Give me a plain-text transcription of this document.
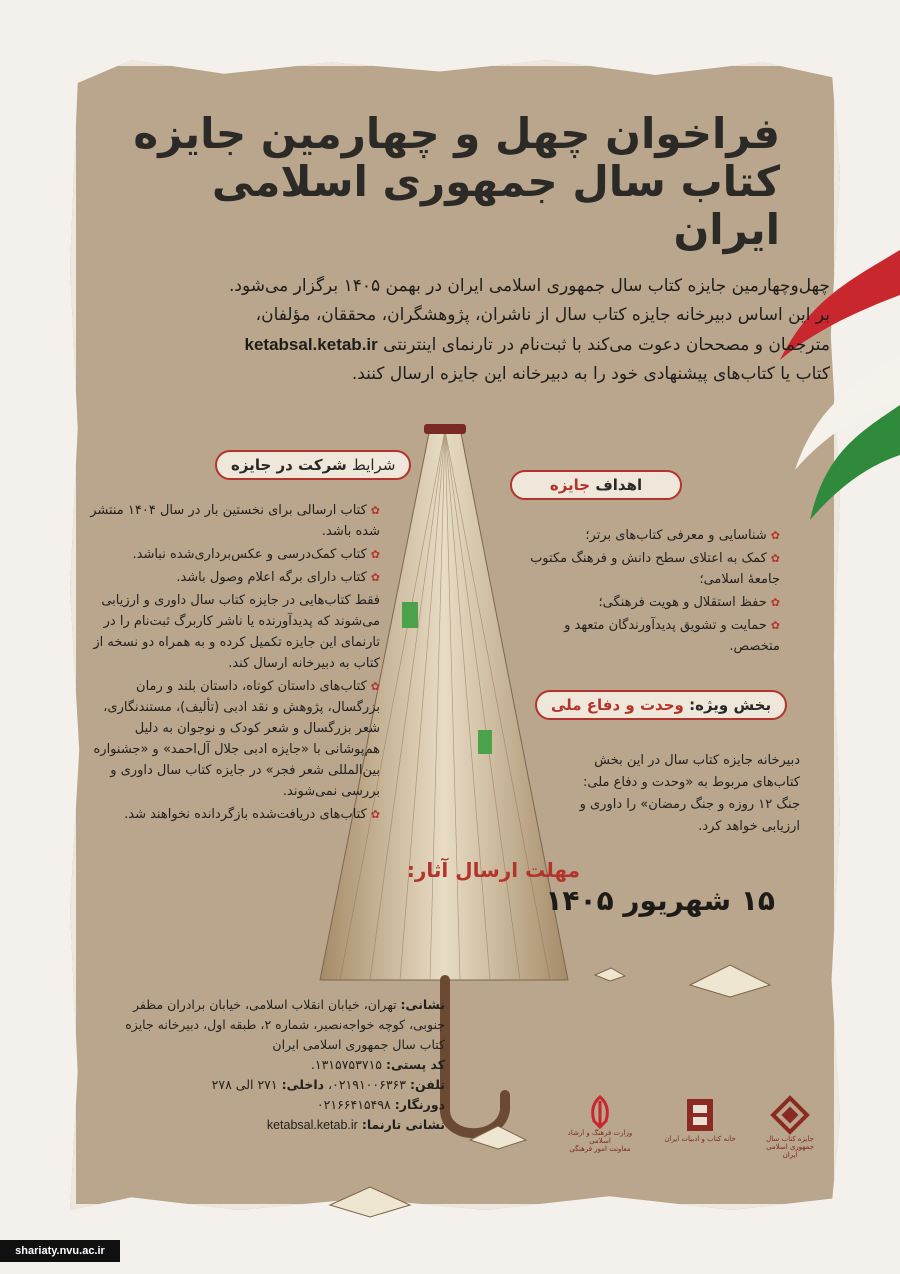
فراخوان چهل و چهارمین جایزه
کتاب سال جمهوری اسلامی ایران
چهل‌وچهارمین جایزه کتاب سال جمهوری اسلامی ایران در بهمن ۱۴۰۵ برگزار می‌شود.
بر این اساس دبیرخانه جایزه کتاب سال از ناشران، پژوهشگران، محققان، مؤلفان،
مترجمان و مصححان دعوت می‌کند با ثبت‌نام در تارنمای اینترنتی ketabsal.ketab.ir
کتاب یا کتاب‌های پیشنهادی خود را به دبیرخانه این جایزه ارسال کنند.
شرایط شرکت در جایزه
✿کتاب ارسالی برای نخستین بار در سال ۱۴۰۴ منتشر شده باشد.
✿کتاب کمک‌درسی و عکس‌برداری‌شده نباشد.
✿کتاب دارای برگه اعلام وصول باشد.
فقط کتاب‌هایی در جایزه کتاب سال داوری و ارزیابی می‌شوند که پدیدآورنده یا ناشر کاربرگ ثبت‌نام را در تارنمای این جایزه تکمیل کرده و به همراه دو نسخه از کتاب به دبیرخانه ارسال کند.
✿کتاب‌های داستان کوتاه، داستان بلند و رمان بزرگسال، پژوهش و نقد ادبی (تألیف)، مستندنگاری، شعر بزرگسال و شعر کودک و نوجوان به دلیل هم‌پوشانی با «جایزه ادبی جلال آل‌احمد» و «جشنواره بین‌المللی شعر فجر» در جایزه کتاب سال داوری و بررسی نمی‌شوند.
✿کتاب‌های دریافت‌شده بازگردانده نخواهند شد.
اهداف جایزه
✿شناسایی و معرفی کتاب‌های برتر؛
✿کمک به اعتلای سطح دانش و فرهنگ مکتوب جامعهٔ اسلامی؛
✿حفظ استقلال و هویت فرهنگی؛
✿حمایت و تشویق پدیدآورندگان متعهد و متخصص.
بخش ویژه: وحدت و دفاع ملی
دبیرخانه جایزه کتاب سال در این بخش کتاب‌های مربوط به «وحدت و دفاع ملی: جنگ ۱۲ روزه و جنگ رمضان» را داوری و ارزیابی خواهد کرد.
مهلت ارسال آثار:
۱۵ شهریور ۱۴۰۵
نشانی: تهران، خیابان انقلاب اسلامی، خیابان برادران مظفر جنوبی، کوچه خواجه‌نصیر، شماره ۲، طبقه اول، دبیرخانه جایزه کتاب سال جمهوری اسلامی ایران
کد پستی: ۱۳۱۵۷۵۳۷۱۵.
تلفن: ۰۲۱۹۱۰۰۶۳۶۳، داخلی: ۲۷۱ الی ۲۷۸
دورنگار: ۰۲۱۶۶۴۱۵۴۹۸
نشانی تارنما: ketabsal.ketab.ir
جایزه کتاب سال جمهوری اسلامی ایران
خانه کتاب و ادبیات ایران
وزارت فرهنگ و ارشاد اسلامی
معاونت امور فرهنگی
shariaty.nvu.ac.ir
